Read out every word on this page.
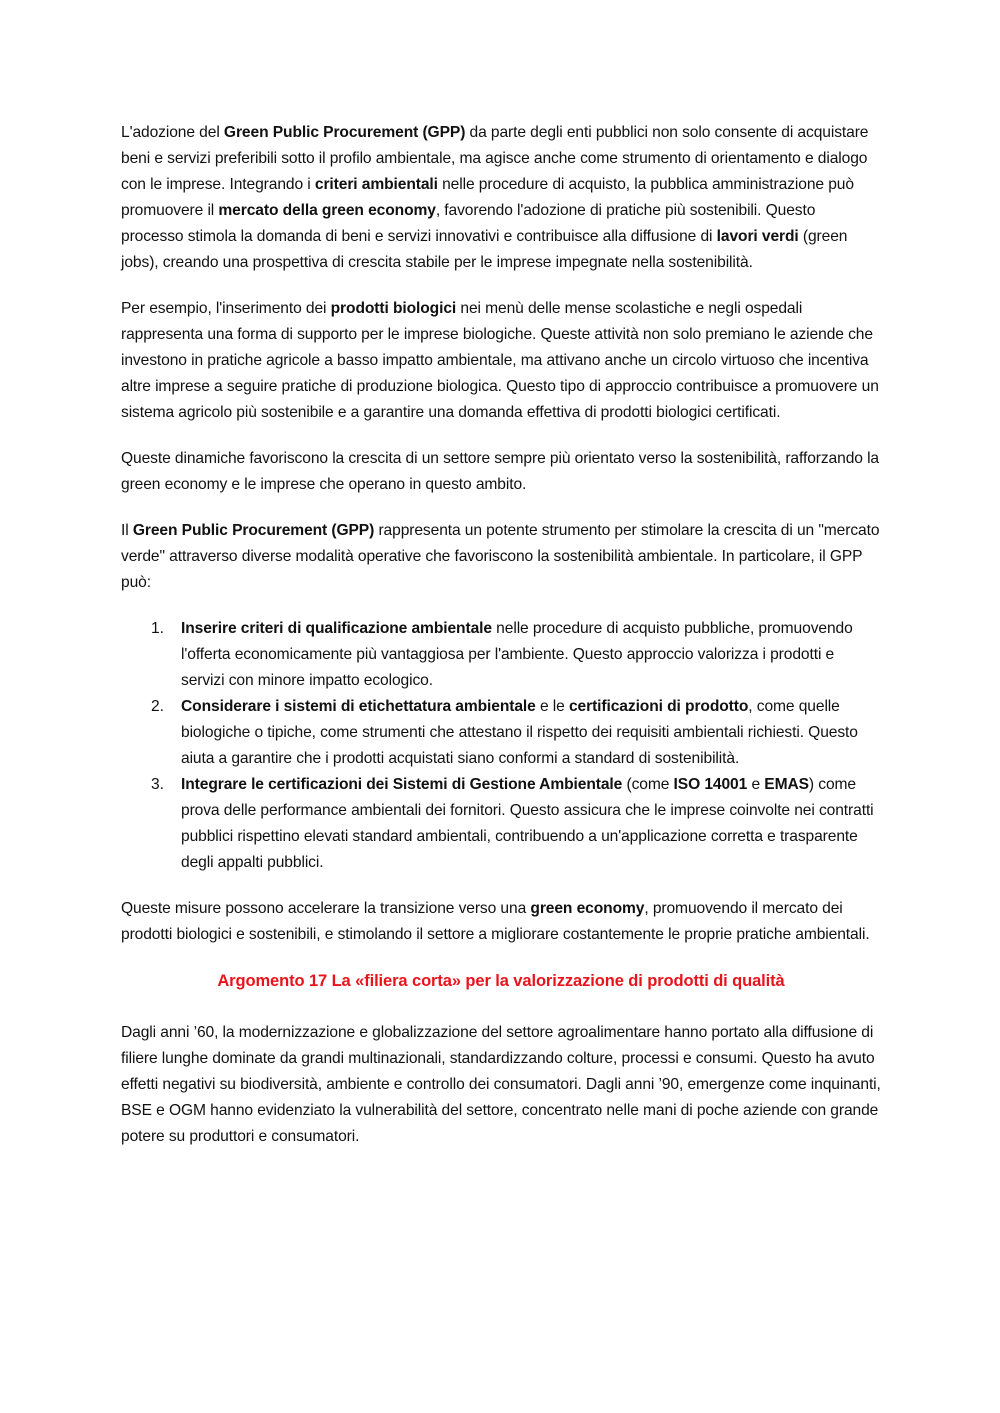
L'adozione del Green Public Procurement (GPP) da parte degli enti pubblici non solo consente di acquistare beni e servizi preferibili sotto il profilo ambientale, ma agisce anche come strumento di orientamento e dialogo con le imprese. Integrando i criteri ambientali nelle procedure di acquisto, la pubblica amministrazione può promuovere il mercato della green economy, favorendo l'adozione di pratiche più sostenibili. Questo processo stimola la domanda di beni e servizi innovativi e contribuisce alla diffusione di lavori verdi (green jobs), creando una prospettiva di crescita stabile per le imprese impegnate nella sostenibilità.

Per esempio, l'inserimento dei prodotti biologici nei menù delle mense scolastiche e negli ospedali rappresenta una forma di supporto per le imprese biologiche. Queste attività non solo premiano le aziende che investono in pratiche agricole a basso impatto ambientale, ma attivano anche un circolo virtuoso che incentiva altre imprese a seguire pratiche di produzione biologica. Questo tipo di approccio contribuisce a promuovere un sistema agricolo più sostenibile e a garantire una domanda effettiva di prodotti biologici certificati.

Queste dinamiche favoriscono la crescita di un settore sempre più orientato verso la sostenibilità, rafforzando la green economy e le imprese che operano in questo ambito.

Il Green Public Procurement (GPP) rappresenta un potente strumento per stimolare la crescita di un "mercato verde" attraverso diverse modalità operative che favoriscono la sostenibilità ambientale. In particolare, il GPP può:

1. Inserire criteri di qualificazione ambientale nelle procedure di acquisto pubbliche, promuovendo l'offerta economicamente più vantaggiosa per l'ambiente. Questo approccio valorizza i prodotti e servizi con minore impatto ecologico.
2. Considerare i sistemi di etichettatura ambientale e le certificazioni di prodotto, come quelle biologiche o tipiche, come strumenti che attestano il rispetto dei requisiti ambientali richiesti. Questo aiuta a garantire che i prodotti acquistati siano conformi a standard di sostenibilità.
3. Integrare le certificazioni dei Sistemi di Gestione Ambientale (come ISO 14001 e EMAS) come prova delle performance ambientali dei fornitori. Questo assicura che le imprese coinvolte nei contratti pubblici rispettino elevati standard ambientali, contribuendo a un'applicazione corretta e trasparente degli appalti pubblici.

Queste misure possono accelerare la transizione verso una green economy, promuovendo il mercato dei prodotti biologici e sostenibili, e stimolando il settore a migliorare costantemente le proprie pratiche ambientali.

Argomento 17 La «filiera corta» per la valorizzazione di prodotti di qualità

Dagli anni ’60, la modernizzazione e globalizzazione del settore agroalimentare hanno portato alla diffusione di filiere lunghe dominate da grandi multinazionali, standardizzando colture, processi e consumi. Questo ha avuto effetti negativi su biodiversità, ambiente e controllo dei consumatori. Dagli anni ’90, emergenze come inquinanti, BSE e OGM hanno evidenziato la vulnerabilità del settore, concentrato nelle mani di poche aziende con grande potere su produttori e consumatori.
